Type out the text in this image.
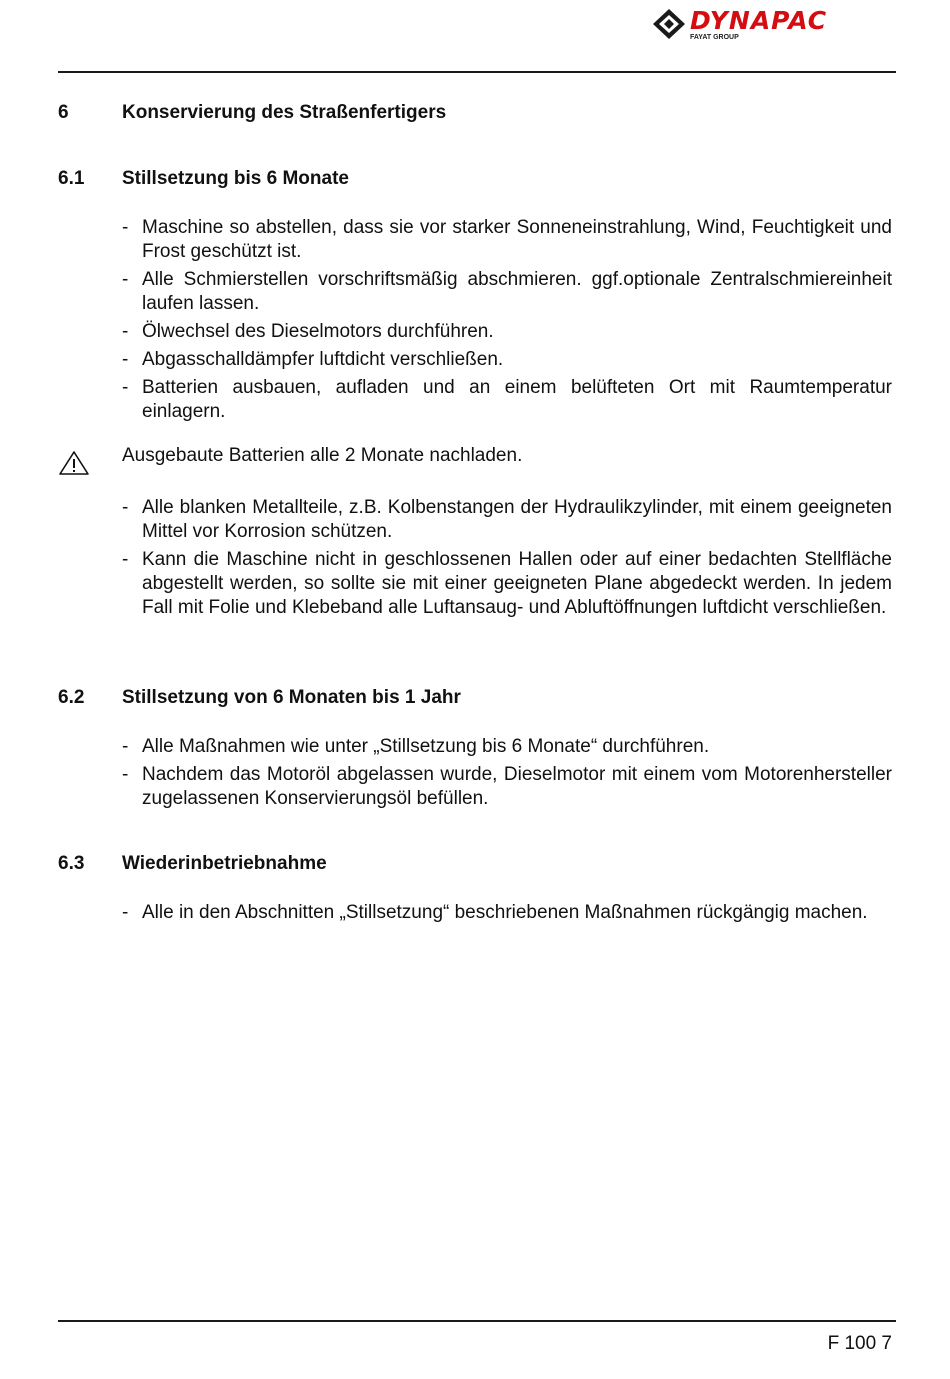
DYNAPAC
FAYAT GROUP
6	Konservierung des Straßenfertigers
6.1 Stillsetzung bis 6 Monate
- Maschine so abstellen, dass sie vor starker Sonneneinstrahlung, Wind, Feuchtigkeit und Frost geschützt ist.
- Alle Schmierstellen vorschriftsmäßig abschmieren. ggf.optionale Zentralschmiereinheit laufen lassen.
- Ölwechsel des Dieselmotors durchführen.
- Abgasschalldämpfer luftdicht verschließen.
- Batterien ausbauen, aufladen und an einem belüfteten Ort mit Raumtemperatur einlagern.
Ausgebaute Batterien alle 2 Monate nachladen.
- Alle blanken Metallteile, z.B. Kolbenstangen der Hydraulikzylinder, mit einem geeigneten Mittel vor Korrosion schützen.
- Kann die Maschine nicht in geschlossenen Hallen oder auf einer bedachten Stellfläche abgestellt werden, so sollte sie mit einer geeigneten Plane abgedeckt werden. In jedem Fall mit Folie und Klebeband alle Luftansaug- und Abluftöffnungen luftdicht verschließen.
6.2 Stillsetzung von 6 Monaten bis 1 Jahr
- Alle Maßnahmen wie unter „Stillsetzung bis 6 Monate“ durchführen.
- Nachdem das Motoröl abgelassen wurde, Dieselmotor mit einem vom Motorenhersteller zugelassenen Konservierungsöl befüllen.
6.3 Wiederinbetriebnahme
- Alle in den Abschnitten „Stillsetzung“ beschriebenen Maßnahmen rückgängig machen.
F 100 7
